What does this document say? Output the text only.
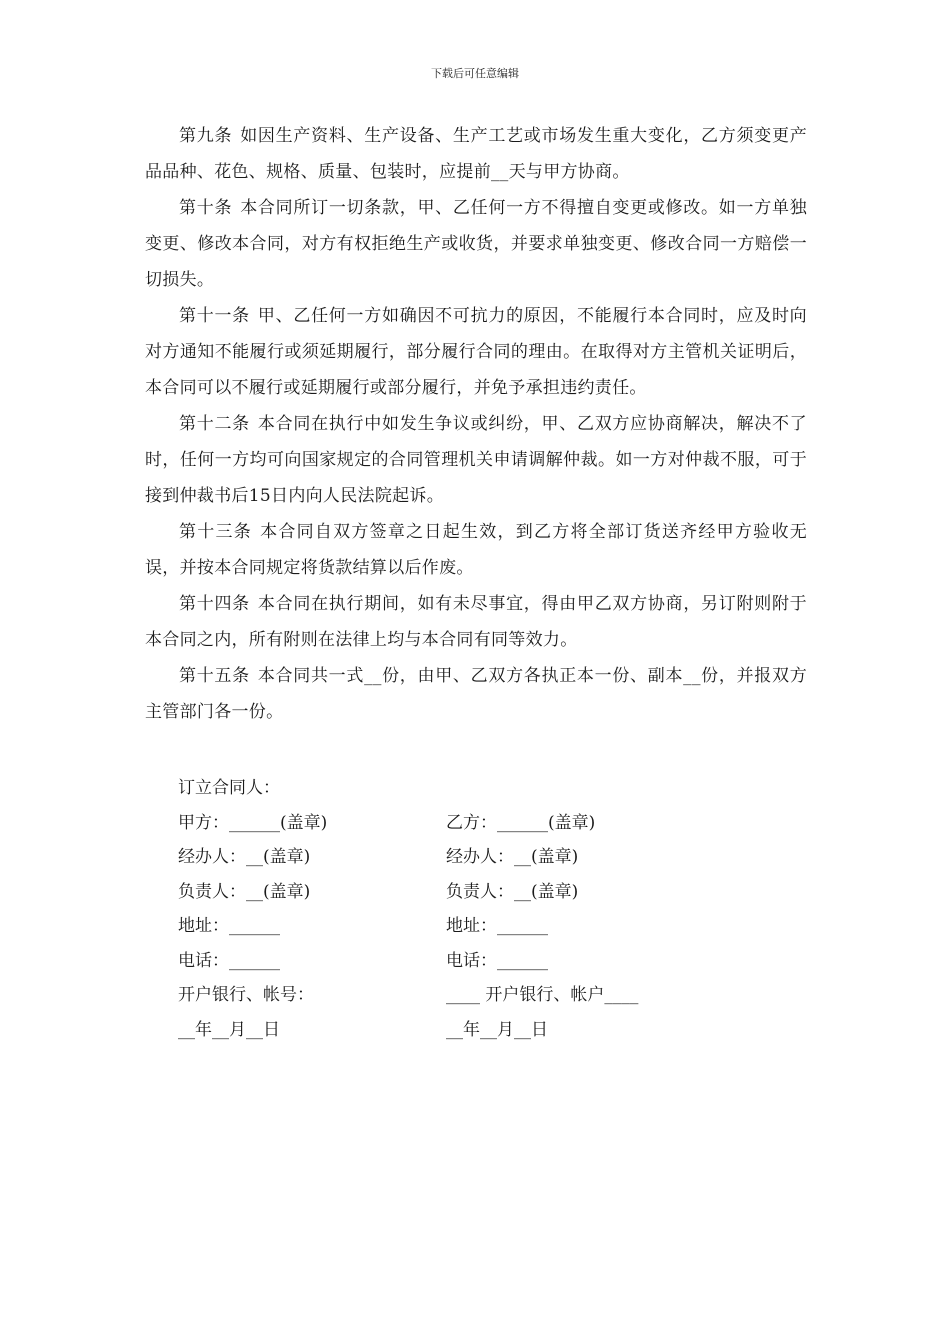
下载后可任意编辑

第九条 如因生产资料、生产设备、生产工艺或市场发生重大变化，乙方须变更产品品种、花色、规格、质量、包装时，应提前__天与甲方协商。

第十条 本合同所订一切条款，甲、乙任何一方不得擅自变更或修改。如一方单独变更、修改本合同，对方有权拒绝生产或收货，并要求单独变更、修改合同一方赔偿一切损失。

第十一条 甲、乙任何一方如确因不可抗力的原因，不能履行本合同时，应及时向对方通知不能履行或须延期履行，部分履行合同的理由。在取得对方主管机关证明后，本合同可以不履行或延期履行或部分履行，并免予承担违约责任。

第十二条 本合同在执行中如发生争议或纠纷，甲、乙双方应协商解决，解决不了时，任何一方均可向国家规定的合同管理机关申请调解仲裁。如一方对仲裁不服，可于接到仲裁书后15日内向人民法院起诉。

第十三条 本合同自双方签章之日起生效，到乙方将全部订货送齐经甲方验收无误，并按本合同规定将货款结算以后作废。

第十四条 本合同在执行期间，如有未尽事宜，得由甲乙双方协商，另订附则附于本合同之内，所有附则在法律上均与本合同有同等效力。

第十五条 本合同共一式__份，由甲、乙双方各执正本一份、副本__份，并报双方主管部门各一份。

订立合同人：
甲方：______(盖章)	乙方：______(盖章)
经办人：__(盖章)	经办人：__(盖章)
负责人：__(盖章)	负责人：__(盖章)
地址：______	地址：______
电话：______	电话：______
开户银行、帐号：	____ 开户银行、帐户____
__年__月__日	__年__月__日
